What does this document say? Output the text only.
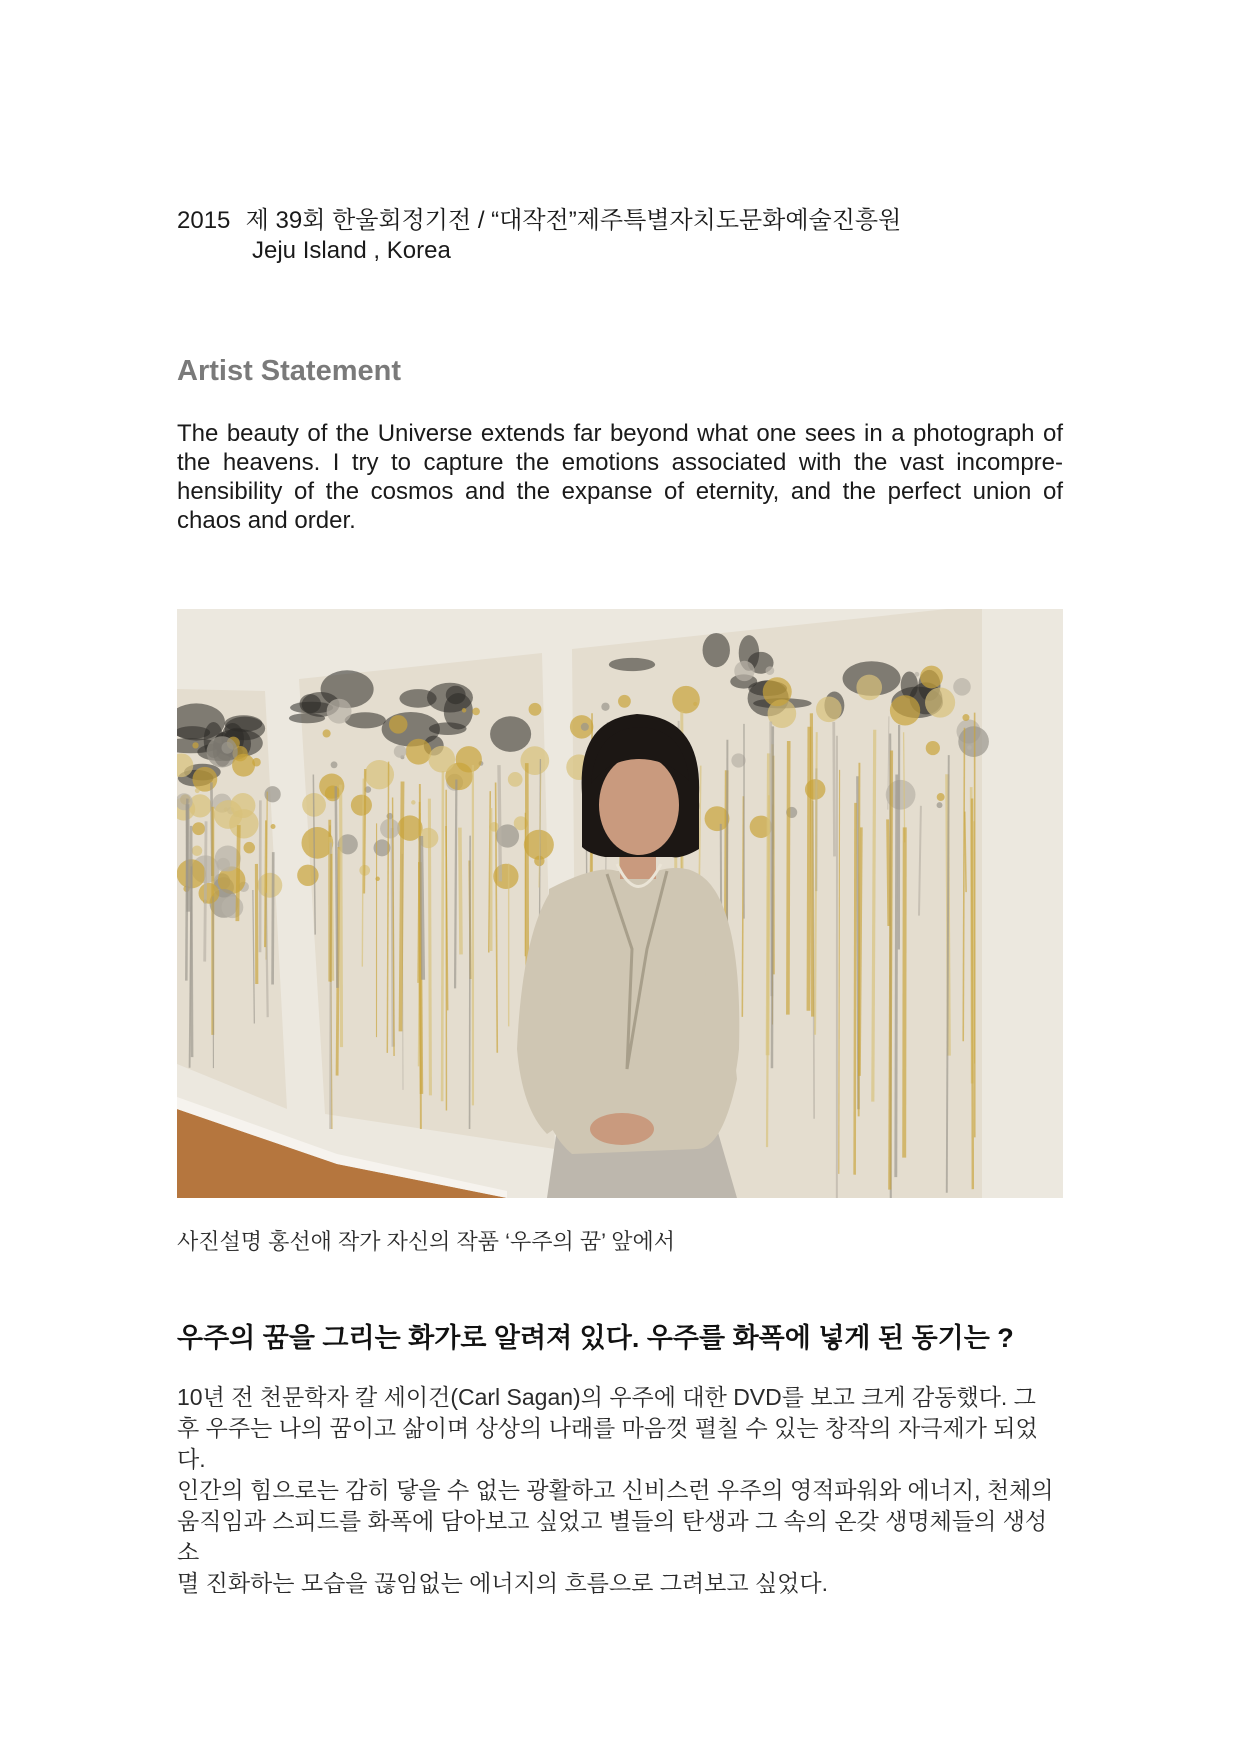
2015 제 39회 한울회정기전 / “대작전”제주특별자치도문화예술진흥원
Jeju Island , Korea
Artist Statement

The beauty of the Universe extends far beyond what one sees in a photograph of the heavens. I try to capture the emotions associated with the vast incompre-hensibility of the cosmos and the expanse of eternity, and the perfect union of chaos and order.

사진설명 홍선애 작가 자신의 작품 ‘우주의 꿈’ 앞에서

우주의 꿈을 그리는 화가로 알려져 있다. 우주를 화폭에 넣게 된 동기는 ?
10년 전 천문학자 칼 세이건(Carl Sagan)의 우주에 대한 DVD를 보고 크게 감동했다. 그
후 우주는 나의 꿈이고 삶이며 상상의 나래를 마음껏 펼칠 수 있는 창작의 자극제가 되었다.
인간의 힘으로는 감히 닿을 수 없는 광활하고 신비스런 우주의 영적파워와 에너지, 천체의
움직임과 스피드를 화폭에 담아보고 싶었고 별들의 탄생과 그 속의 온갖 생명체들의 생성 소
멸 진화하는 모습을 끊임없는 에너지의 흐름으로 그려보고 싶었다.
